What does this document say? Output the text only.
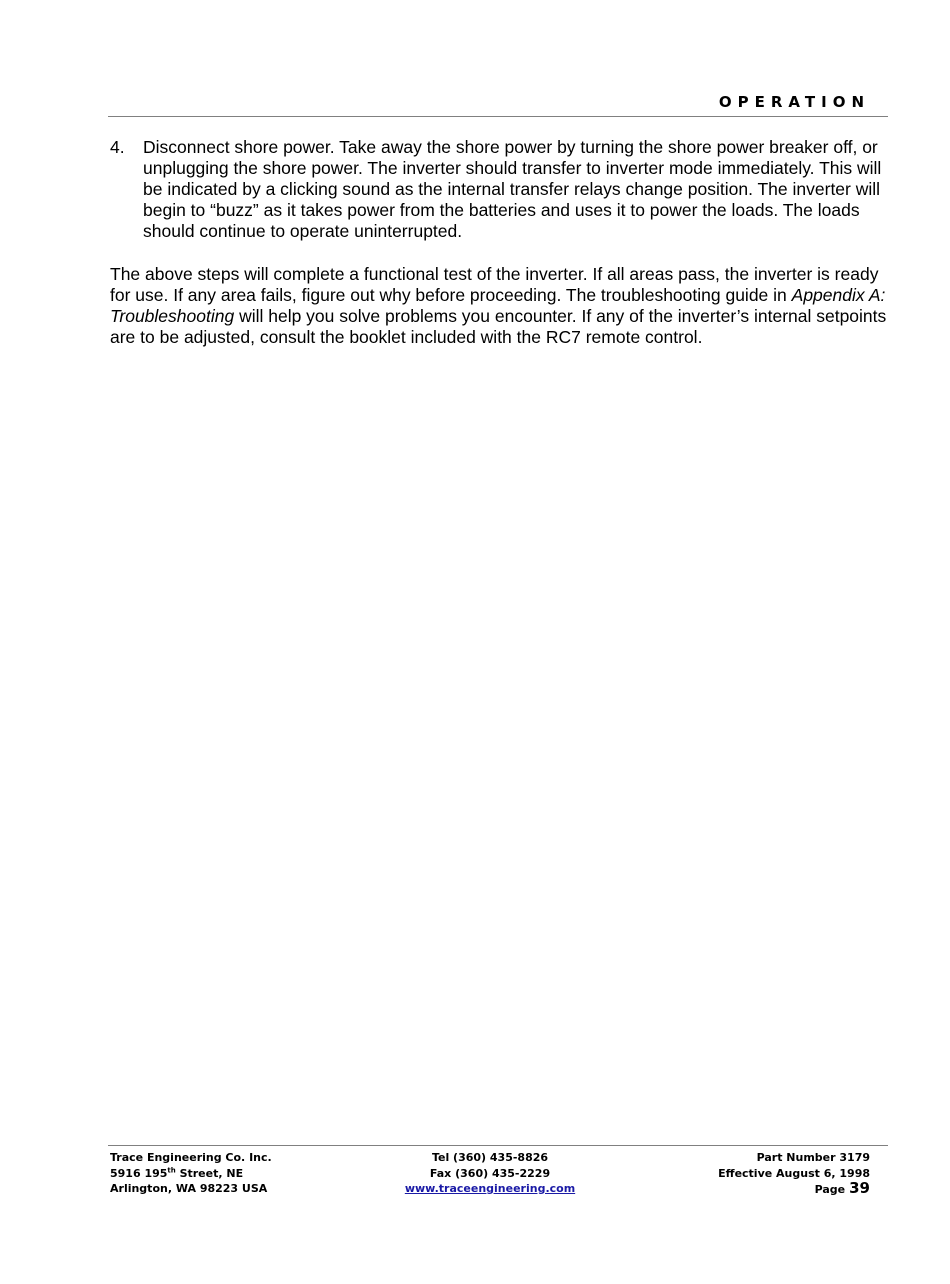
OPERATION
4.	Disconnect shore power. Take away the shore power by turning the shore power breaker off, or unplugging the shore power. The inverter should transfer to inverter mode immediately. This will be indicated by a clicking sound as the internal transfer relays change position. The inverter will begin to “buzz” as it takes power from the batteries and uses it to power the loads. The loads should continue to operate uninterrupted.
The above steps will complete a functional test of the inverter. If all areas pass, the inverter is ready for use. If any area fails, figure out why before proceeding. The troubleshooting guide in Appendix A: Troubleshooting will help you solve problems you encounter. If any of the inverter’s internal setpoints are to be adjusted, consult the booklet included with the RC7 remote control.
Trace Engineering Co. Inc.
5916 195th Street, NE
Arlington, WA 98223 USA
Tel (360) 435-8826
Fax (360) 435-2229
www.traceengineering.com
Part Number 3179
Effective August 6, 1998
Page 39
